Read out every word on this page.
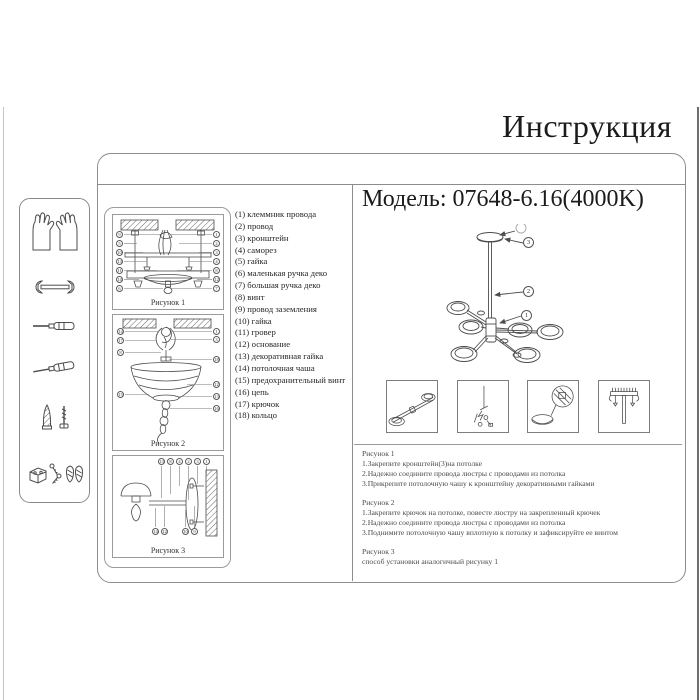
Инструкция
9
5
10
13
11
14
6
1
2
3
4
8
12
7
Рисунок 1
14
17
8
15
1
3
18
12
13
16
Рисунок 2
13	8	4	2	3	1
14 12	10	9
Рисунок 3
(1) клеммник провода
(2) провод
(3) кронштейн
(4) саморез
(5) гайка
(6) маленькая ручка деко
(7) большая ручка деко
(8) винт
(9) провод заземления
(10) гайка
(11) гровер
(12) основание
(13) декоративная гайка
(14) потолочная чаша
(15) предохранительный винт
(16) цепь
(17) крючок
(18) кольцо
Модель: 07648-6.16(4000K)
3
2
1
Рисунок 1
1.Закрепите кронштейн(3)на потолке
2.Надежно соедините провода люстры с проводами из потолка
3.Прикрепите потолочную чашу к кронштейну декоративными гайками
Рисунок 2
1.Закрепите крючок на потолке, повесте люстру на закрепленный крючек
2.Надежно соедините провода люстры с проводами из потолка
3.Поднимите потолочную чашу вплотную к потолку и зафиксируйте ее винтом
Рисунок 3
способ установки аналогичный рисунку 1
